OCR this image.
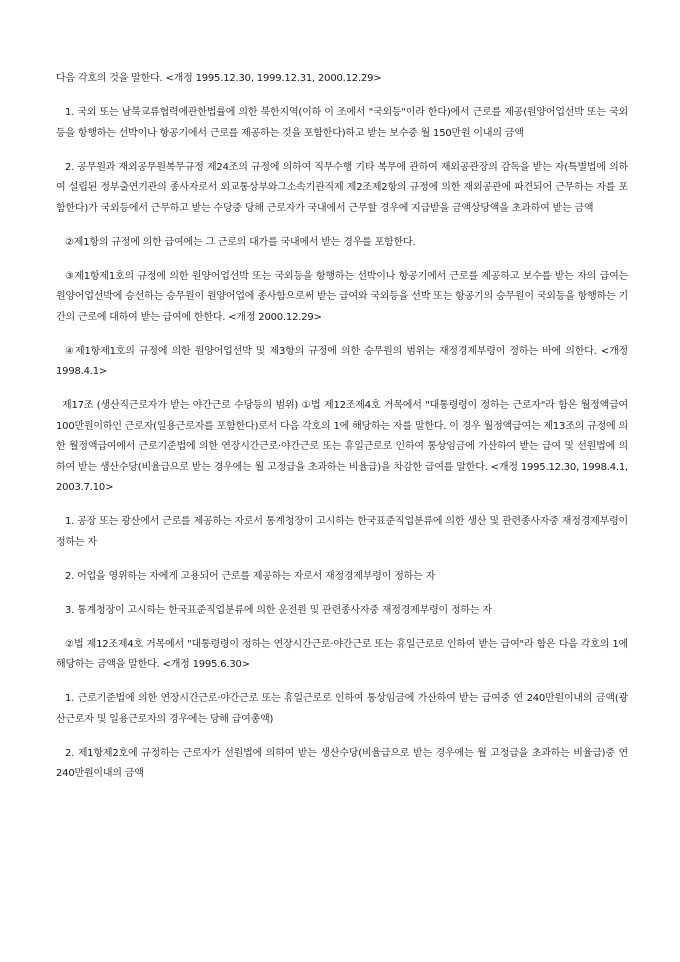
다음 각호의 것을 말한다. <개정 1995.12.30, 1999.12.31, 2000.12.29>

1. 국외 또는 남북교류협력에관한법률에 의한 북한지역(이하 이 조에서 "국외등"이라 한다)에서 근로를 제공(원양어업선박 또는 국외등을 항행하는 선박이나 항공기에서 근로를 제공하는 것을 포함한다)하고 받는 보수중 월 150만원 이내의 금액

2. 공무원과 재외공무원복무규정 제24조의 규정에 의하여 직무수행 기타 복무에 관하여 재외공관장의 감독을 받는 자(특별법에 의하여 설립된 정부출연기관의 종사자로서 외교통상부와그소속기관직제 제2조제2항의 규정에 의한 재외공관에 파견되어 근무하는 자를 포함한다)가 국외등에서 근무하고 받는 수당중 당해 근로자가 국내에서 근무할 경우에 지급받을 금액상당액을 초과하여 받는 금액

②제1항의 규정에 의한 급여에는 그 근로의 대가를 국내에서 받는 경우를 포함한다.

③제1항제1호의 규정에 의한 원양어업선박 또는 국외등을 항행하는 선박이나 항공기에서 근로를 제공하고 보수를 받는 자의 급여는 원양어업선박에 승선하는 승무원이 원양어업에 종사함으로써 받는 급여와 국외등을 선박 또는 항공기의 승무원이 국외등을 항행하는 기간의 근로에 대하여 받는 급여에 한한다. <개정 2000.12.29>

④제1항제1호의 규정에 의한 원양어업선박 및 제3항의 규정에 의한 승무원의 범위는 재정경제부령이 정하는 바에 의한다. <개정 1998.4.1>

제17조 (생산직근로자가 받는 야간근로 수당등의 범위) ①법 제12조제4호 거목에서 "대통령령이 정하는 근로자"라 함은 월정액급여 100만원이하인 근로자(일용근로자를 포함한다)로서 다음 각호의 1에 해당하는 자를 말한다. 이 경우 월정액급여는 제13조의 규정에 의한 월정액급여에서 근로기준법에 의한 연장시간근로·야간근로 또는 휴일근로로 인하여 통상임금에 가산하여 받는 급여 및 선원법에 의하여 받는 생산수당(비율급으로 받는 경우에는 월 고정급을 초과하는 비율급)을 차감한 급여를 말한다. <개정 1995.12.30, 1998.4.1, 2003.7.10>

1. 공장 또는 광산에서 근로를 제공하는 자로서 통계청장이 고시하는 한국표준직업분류에 의한 생산 및 관련종사자중 재정경제부령이 정하는 자

2. 어업을 영위하는 자에게 고용되어 근로를 제공하는 자로서 재정경제부령이 정하는 자

3. 통계청장이 고시하는 한국표준직업분류에 의한 운전원 및 관련종사자중 재정경제부령이 정하는 자

②법 제12조제4호 거목에서 "대통령령이 정하는 연장시간근로·야간근로 또는 휴일근로로 인하여 받는 급여"라 함은 다음 각호의 1에 해당하는 금액을 말한다. <개정 1995.6.30>

1. 근로기준법에 의한 연장시간근로·야간근로 또는 휴일근로로 인하여 통상임금에 가산하여 받는 급여중 연 240만원이내의 금액(광산근로자 및 일용근로자의 경우에는 당해 급여총액)

2. 제1항제2호에 규정하는 근로자가 선원법에 의하여 받는 생산수당(비율급으로 받는 경우에는 월 고정급을 초과하는 비율급)중 연 240만원이내의 금액
